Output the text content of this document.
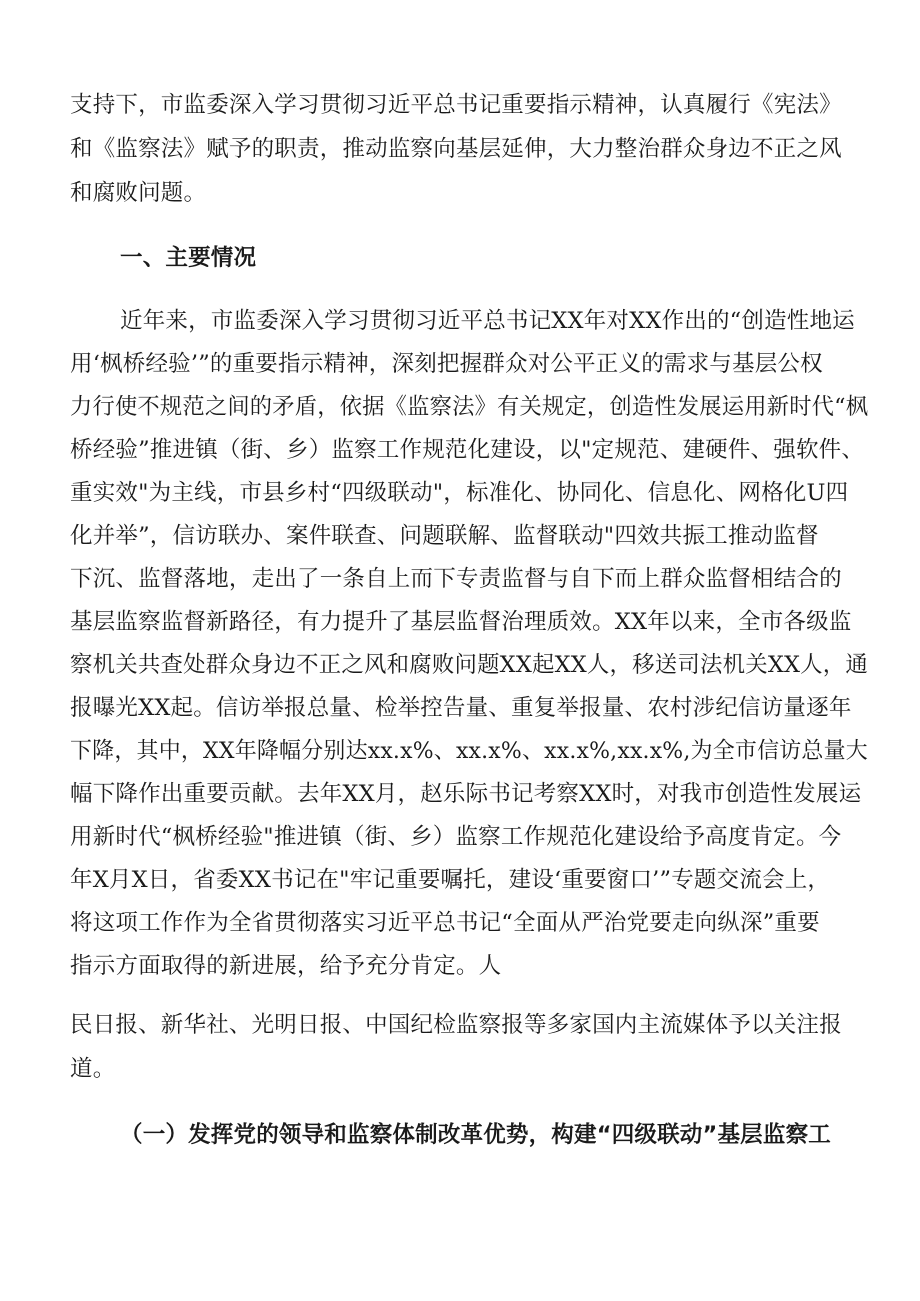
支持下，市监委深入学习贯彻习近平总书记重要指示精神，认真履行《宪法》
和《监察法》赋予的职责，推动监察向基层延伸，大力整治群众身边不正之风
和腐败问题。
一、主要情况
近年来，市监委深入学习贯彻习近平总书记XX年对XX作出的“创造性地运
用‘枫桥经验’”的重要指示精神，深刻把握群众对公平正义的需求与基层公权
力行使不规范之间的矛盾，依据《监察法》有关规定，创造性发展运用新时代“枫
桥经验”推进镇（街、乡）监察工作规范化建设，以"定规范、建硬件、强软件、
重实效"为主线，市县乡村“四级联动"，标准化、协同化、信息化、网格化U四
化并举”，信访联办、案件联查、问题联解、监督联动"四效共振工推动监督
下沉、监督落地，走出了一条自上而下专责监督与自下而上群众监督相结合的
基层监察监督新路径，有力提升了基层监督治理质效。XX年以来，全市各级监
察机关共查处群众身边不正之风和腐败问题XX起XX人，移送司法机关XX人，通
报曝光XX起。信访举报总量、检举控告量、重复举报量、农村涉纪信访量逐年
下降，其中，XX年降幅分别达xx.x%、xx.x%、xx.x%,xx.x%,为全市信访总量大
幅下降作出重要贡献。去年XX月，赵乐际书记考察XX时，对我市创造性发展运
用新时代“枫桥经验"推进镇（街、乡）监察工作规范化建设给予高度肯定。今
年X月X日，省委XX书记在"牢记重要嘱托，建设‘重要窗口’”专题交流会上，
将这项工作作为全省贯彻落实习近平总书记“全面从严治党要走向纵深”重要
指示方面取得的新进展，给予充分肯定。人
民日报、新华社、光明日报、中国纪检监察报等多家国内主流媒体予以关注报
道。
（一）发挥党的领导和监察体制改革优势，构建“四级联动”基层监察工
